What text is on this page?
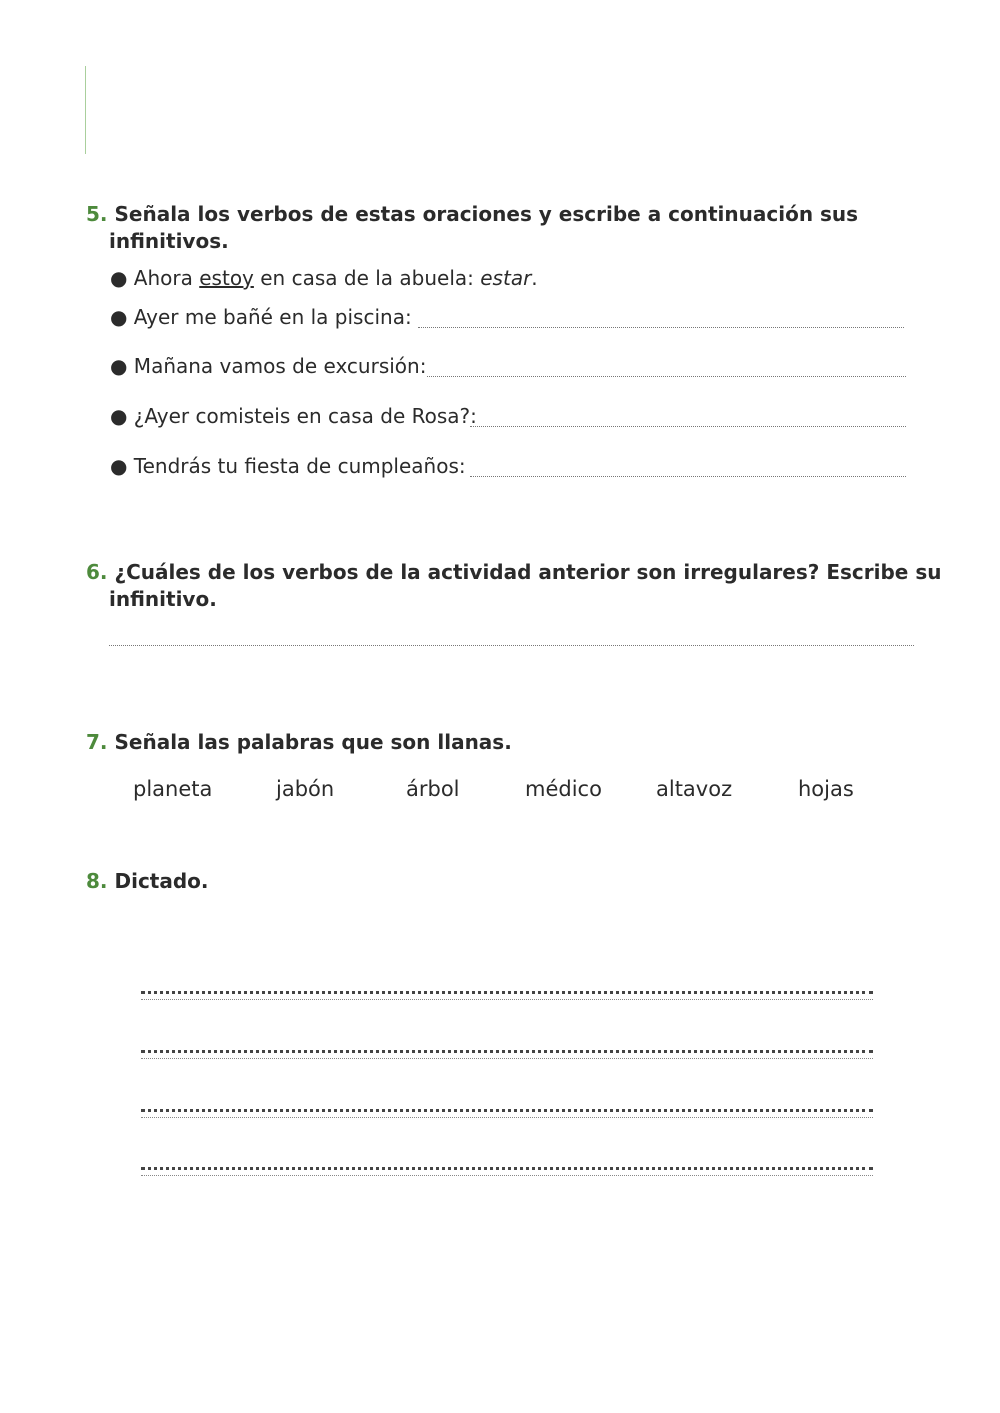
5. Señala los verbos de estas oraciones y escribe a continuación sus
infinitivos.
● Ahora estoy en casa de la abuela: estar.
● Ayer me bañé en la piscina:
● Mañana vamos de excursión:
● ¿Ayer comisteis en casa de Rosa?:
● Tendrás tu fiesta de cumpleaños:
6. ¿Cuáles de los verbos de la actividad anterior son irregulares? Escribe su
infinitivo.
7. Señala las palabras que son llanas.
planeta	jabón	árbol	médico	altavoz	hojas
8. Dictado.
